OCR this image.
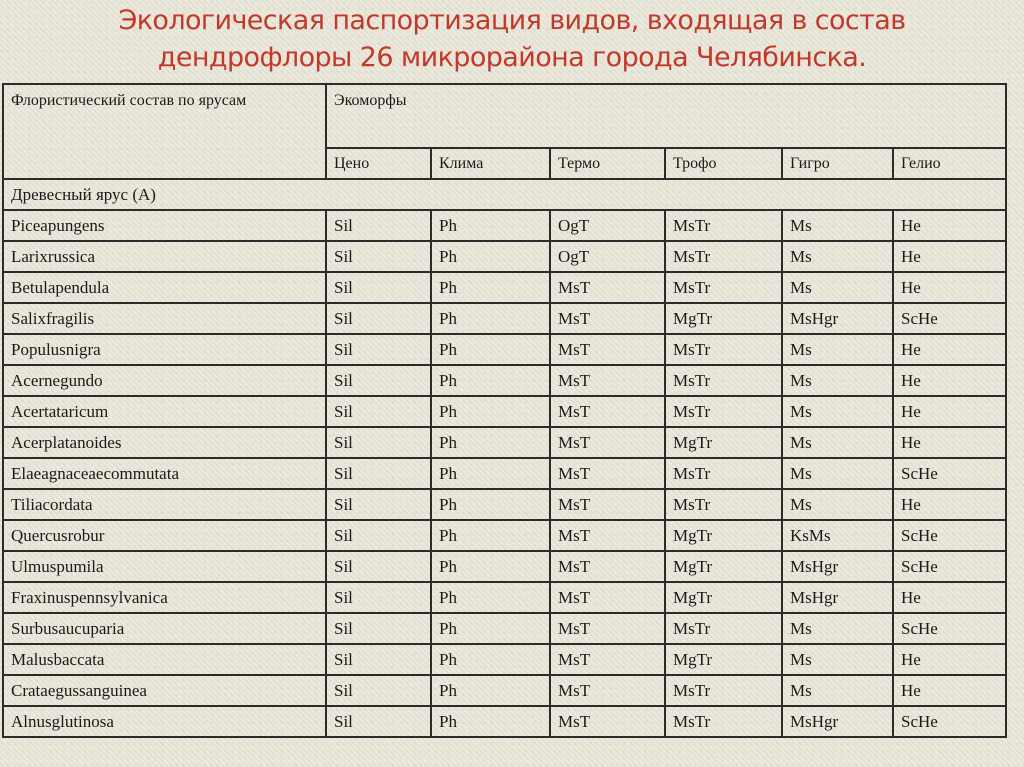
Экологическая паспортизация видов, входящая в состав
дендрофлоры 26 микрорайона города Челябинска.
Флористический состав по ярусам	Экоморфы					
	Цено	Клима	Термо	Трофо	Гигро	Гелио
Древесный ярус (А)						
Piceapungens	Sil	Ph	OgT	MsTr	Ms	He
Larixrussica	Sil	Ph	OgT	MsTr	Ms	He
Betulapendula	Sil	Ph	MsT	MsTr	Ms	He
Salixfragilis	Sil	Ph	MsT	MgTr	MsHgr	ScHe
Populusnigra	Sil	Ph	MsT	MsTr	Ms	He
Acernegundo	Sil	Ph	MsT	MsTr	Ms	He
Acertataricum	Sil	Ph	MsT	MsTr	Ms	He
Acerplatanoides	Sil	Ph	MsT	MgTr	Ms	He
Elaeagnaceaecommutata	Sil	Ph	MsT	MsTr	Ms	ScHe
Tiliacordata	Sil	Ph	MsT	MsTr	Ms	He
Quercusrobur	Sil	Ph	MsT	MgTr	KsMs	ScHe
Ulmuspumila	Sil	Ph	MsT	MgTr	MsHgr	ScHe
Fraxinuspennsylvanica	Sil	Ph	MsT	MgTr	MsHgr	He
Surbusaucuparia	Sil	Ph	MsT	MsTr	Ms	ScHe
Malusbaccata	Sil	Ph	MsT	MgTr	Ms	He
Crataegussanguinea	Sil	Ph	MsT	MsTr	Ms	He
Alnusglutinosa	Sil	Ph	MsT	MsTr	MsHgr	ScHe
